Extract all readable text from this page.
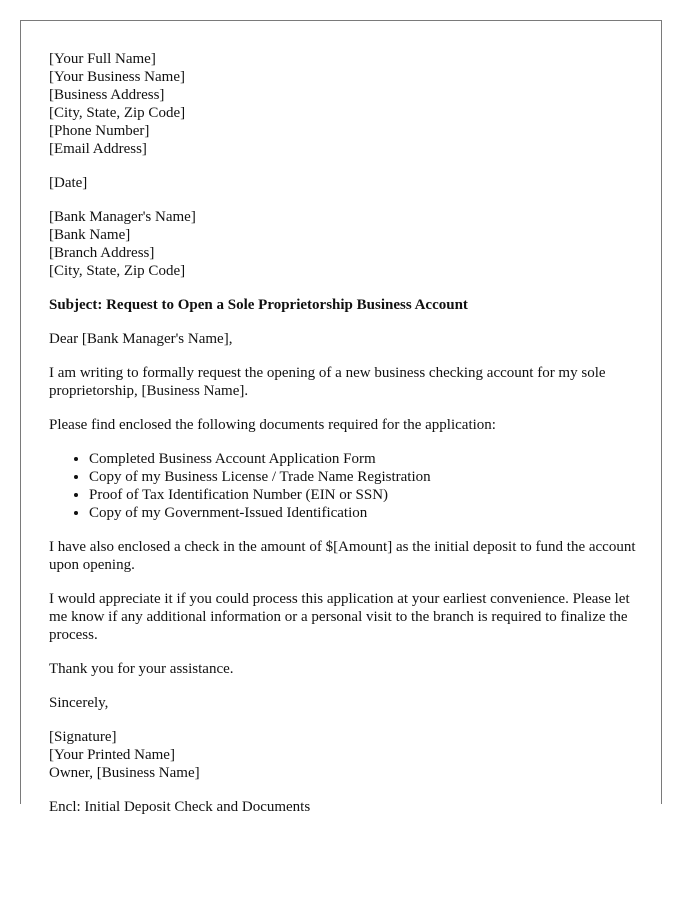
[Your Full Name]
[Your Business Name]
[Business Address]
[City, State, Zip Code]
[Phone Number]
[Email Address]
[Date]
[Bank Manager's Name]
[Bank Name]
[Branch Address]
[City, State, Zip Code]

Subject: Request to Open a Sole Proprietorship Business Account

Dear [Bank Manager's Name],

I am writing to formally request the opening of a new business checking account for my sole proprietorship, [Business Name].

Please find enclosed the following documents required for the application:

• Completed Business Account Application Form
• Copy of my Business License / Trade Name Registration
• Proof of Tax Identification Number (EIN or SSN)
• Copy of my Government-Issued Identification

I have also enclosed a check in the amount of $[Amount] as the initial deposit to fund the account upon opening.

I would appreciate it if you could process this application at your earliest convenience. Please let me know if any additional information or a personal visit to the branch is required to finalize the process.

Thank you for your assistance.

Sincerely,

[Signature]
[Your Printed Name]
Owner, [Business Name]
Encl: Initial Deposit Check and Documents
